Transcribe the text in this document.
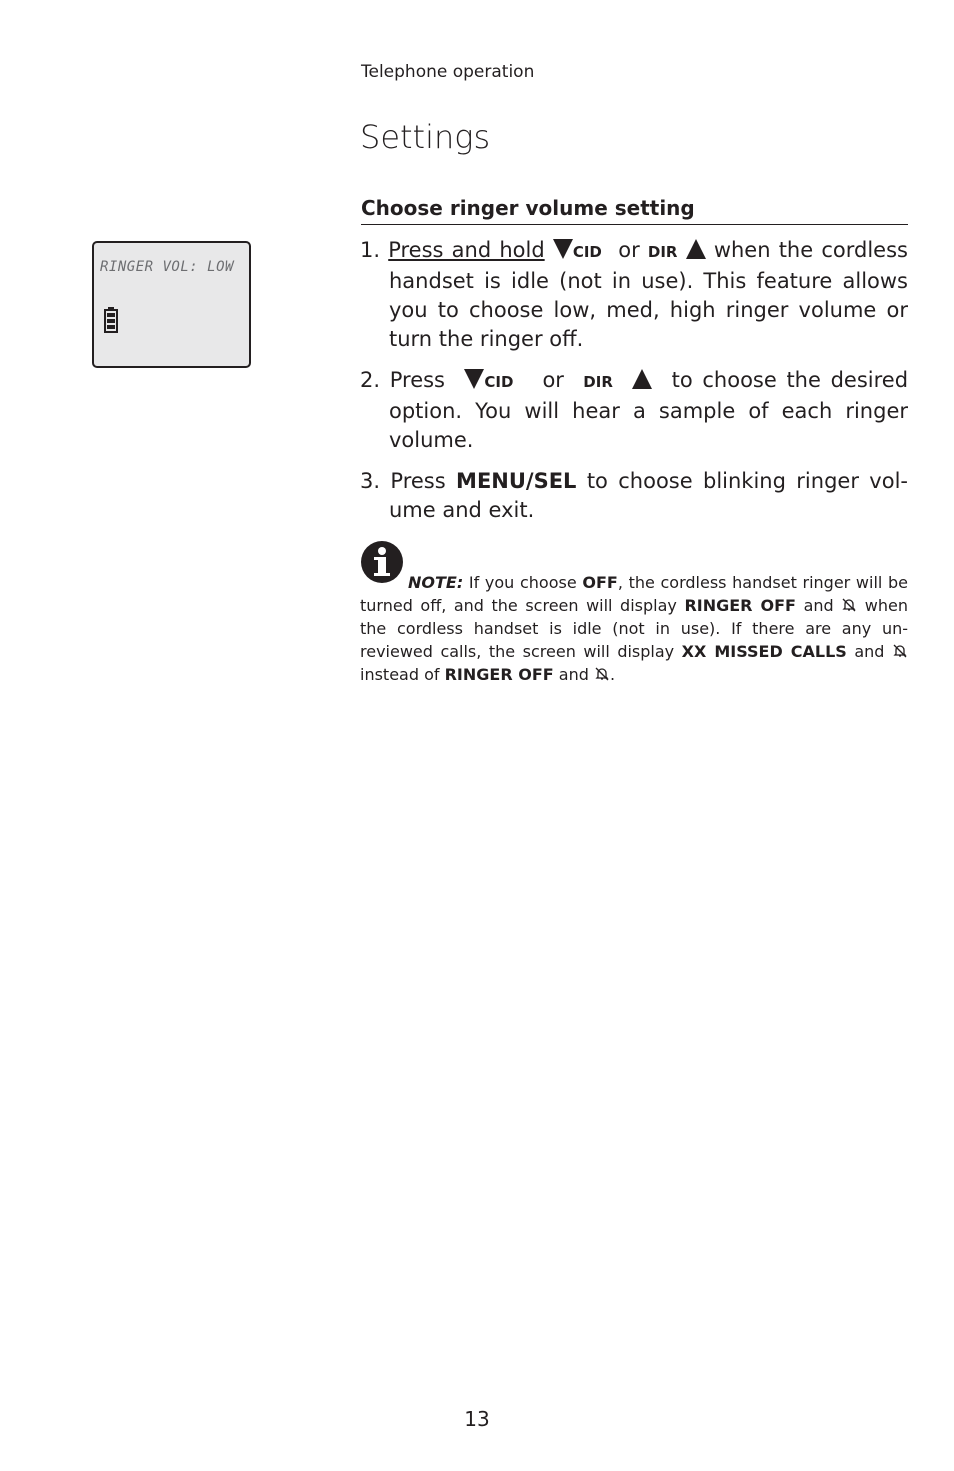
Telephone operation
Settings
Choose ringer volume setting
RINGER VOL: LOW
1. Press and hold CID or DIR when the cordless handset is idle (not in use). This feature allows you to choose low, med, high ringer volume or turn the ringer off.
2. Press	CID or DIR	to choose the desired option. You will hear a sample of each ringer volume.
3. Press MENU/SEL to choose blinking ringer vol-ume and exit.
NOTE: If you choose OFF, the cordless handset ringer will be turned off, and the screen will display RINGER OFF and when the cordless handset is idle (not in use). If there are any un-reviewed calls, the screen will display XX MISSED CALLS and  instead of RINGER OFF and .
13
